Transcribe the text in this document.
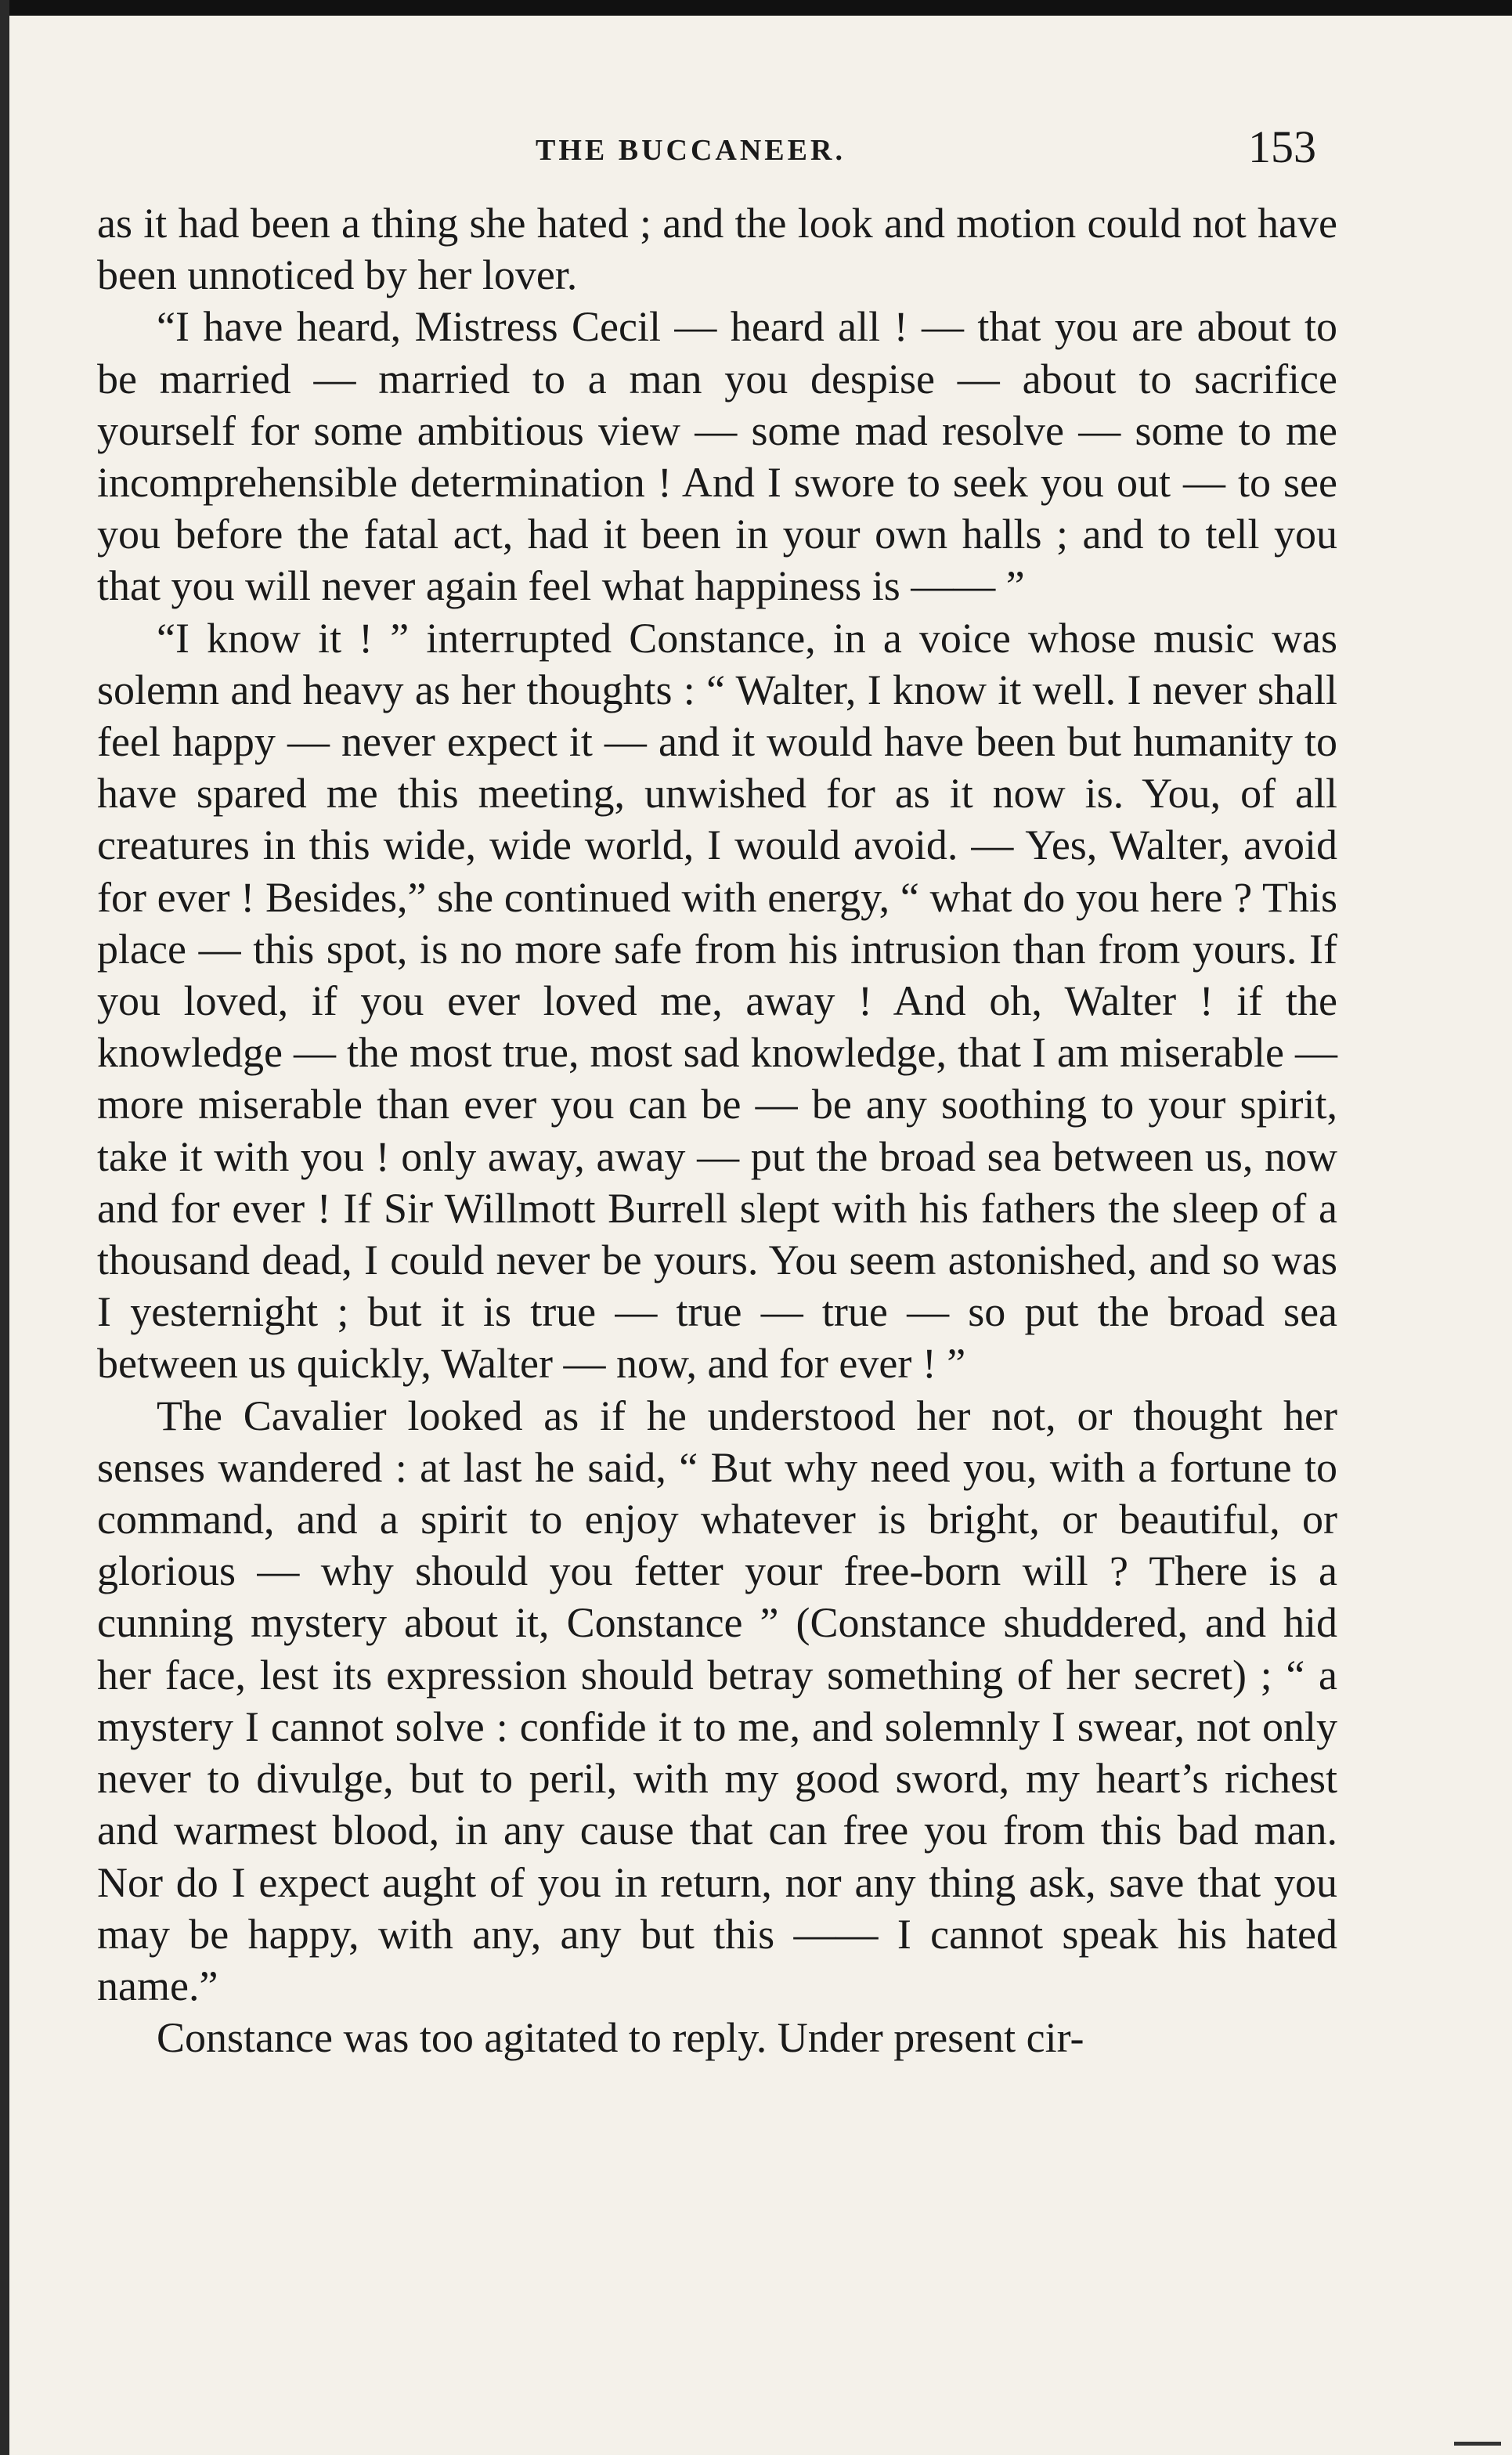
THE BUCCANEER.	153

as it had been a thing she hated ; and the look and motion could not have been unnoticed by her lover.

“I have heard, Mistress Cecil — heard all ! — that you are about to be married — married to a man you despise — about to sacrifice yourself for some ambitious view — some mad resolve — some to me incomprehensible determination ! And I swore to seek you out — to see you before the fatal act, had it been in your own halls ; and to tell you that you will never again feel what happiness is —— ”

“I know it ! ” interrupted Constance, in a voice whose music was solemn and heavy as her thoughts : “ Walter, I know it well. I never shall feel happy — never expect it — and it would have been but humanity to have spared me this meeting, unwished for as it now is. You, of all creatures in this wide, wide world, I would avoid. — Yes, Walter, avoid for ever ! Besides,” she continued with energy, “ what do you here ? This place — this spot, is no more safe from his intrusion than from yours. If you loved, if you ever loved me, away ! And oh, Walter ! if the knowledge — the most true, most sad knowledge, that I am miserable — more miserable than ever you can be — be any soothing to your spirit, take it with you ! only away, away — put the broad sea between us, now and for ever ! If Sir Willmott Burrell slept with his fathers the sleep of a thousand dead, I could never be yours. You seem astonished, and so was I yesternight ; but it is true — true — true — so put the broad sea between us quickly, Walter — now, and for ever ! ”

The Cavalier looked as if he understood her not, or thought her senses wandered : at last he said, “ But why need you, with a fortune to command, and a spirit to enjoy whatever is bright, or beautiful, or glorious — why should you fetter your free-born will ? There is a cunning mystery about it, Constance ” (Constance shuddered, and hid her face, lest its expression should betray something of her secret) ; “ a mystery I cannot solve : confide it to me, and solemnly I swear, not only never to divulge, but to peril, with my good sword, my heart’s richest and warmest blood, in any cause that can free you from this bad man. Nor do I expect aught of you in return, nor any thing ask, save that you may be happy, with any, any but this —— I cannot speak his hated name.”

Constance was too agitated to reply. Under present cir-
